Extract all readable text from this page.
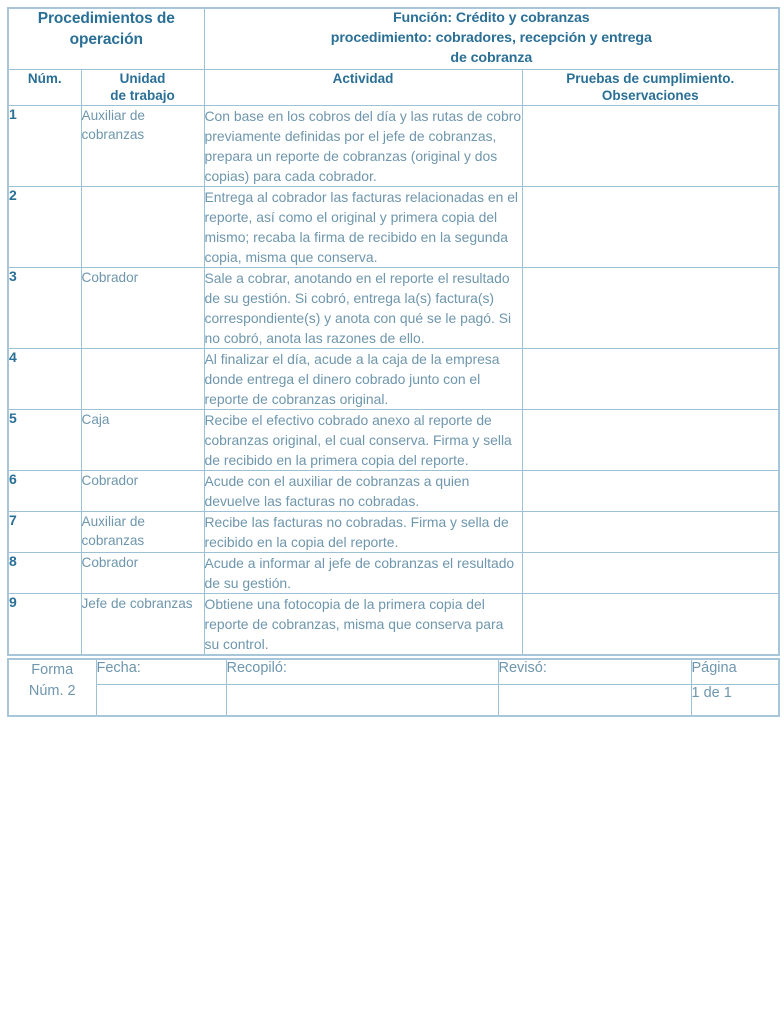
Procedimientos de operación		Función: Crédito y cobranzas
procedimiento: cobradores, recepción y entrega
de cobranza	

Núm.	Unidad
de trabajo
	Actividad	Pruebas de cumplimiento.
Observaciones

1	Auxiliar de cobranzas	Con base en los cobros del día y las rutas de cobro previamente definidas por el jefe de cobranzas, prepara un reporte de cobranzas (original y dos copias) para cada cobrador.	
2		Entrega al cobrador las facturas relacionadas en el reporte, así como el original y primera copia del mismo; recaba la firma de recibido en la segunda copia, misma que conserva.	
3	Cobrador	Sale a cobrar, anotando en el reporte el resultado de su gestión. Si cobró, entrega la(s) factura(s) correspondiente(s) y anota con qué se le pagó. Si no cobró, anota las razones de ello.	
4		Al finalizar el día, acude a la caja de la empresa donde entrega el dinero cobrado junto con el reporte de cobranzas original.	
5	Caja	Recibe el efectivo cobrado anexo al reporte de cobranzas original, el cual conserva. Firma y sella de recibido en la primera copia del reporte.	
6	Cobrador	Acude con el auxiliar de cobranzas a quien devuelve las facturas no cobradas.	
7	Auxiliar de cobranzas	Recibe las facturas no cobradas. Firma y sella de recibido en la copia del reporte.	
8	Cobrador	Acude a informar al jefe de cobranzas el resultado de su gestión.	
9	Jefe de cobranzas	Obtiene una fotocopia de la primera copia del reporte de cobranzas, misma que conserva para su control.	
Forma
Núm. 2	Fecha:	Recopiló:	Revisó:	Página
				1 de 1
